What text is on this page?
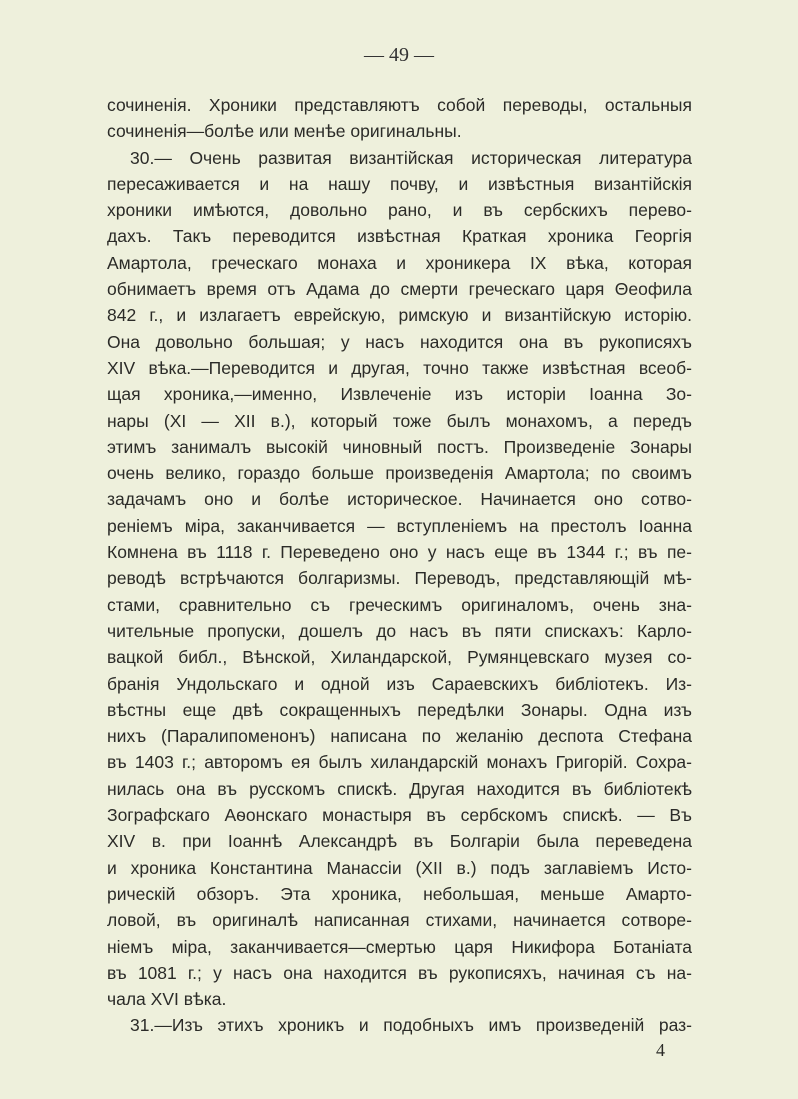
— 49 —
сочиненія. Хроники представляютъ собой переводы, остальныя
сочиненія—болѣе или менѣе оригинальны.
30.— Очень развитая византійская историческая литература
пересаживается и на нашу почву, и извѣстныя византійскія
хроники имѣются, довольно рано, и въ сербскихъ перево-
дахъ. Такъ переводится извѣстная Краткая хроника Георгія
Амартола, греческаго монаха и хроникера IX вѣка, которая
обнимаетъ время отъ Адама до смерти греческаго царя Θеофила
842 г., и излагаетъ еврейскую, римскую и византійскую исторію.
Она довольно большая; у насъ находится она въ рукописяхъ
XIV вѣка.—Переводится и другая, точно также извѣстная всеоб-
щая хроника,—именно, Извлеченіе изъ исторіи Іоанна Зо-
нары (XI — XII в.), который тоже былъ монахомъ, а передъ
этимъ занималъ высокій чиновный постъ. Произведеніе Зонары
очень велико, гораздо больше произведенія Амартола; по своимъ
задачамъ оно и болѣе историческое. Начинается оно сотво-
реніемъ міра, заканчивается — вступленіемъ на престолъ Іоанна
Комнена въ 1118 г. Переведено оно у насъ еще въ 1344 г.; въ пе-
реводѣ встрѣчаются болгаризмы. Переводъ, представляющій мѣ-
стами, сравнительно съ греческимъ оригиналомъ, очень зна-
чительные пропуски, дошелъ до насъ въ пяти спискахъ: Карло-
вацкой библ., Вѣнской, Хиландарской, Румянцевскаго музея со-
бранія Ундольскаго и одной изъ Сараевскихъ библіотекъ. Из-
вѣстны еще двѣ сокращенныхъ передѣлки Зонары. Одна изъ
нихъ (Паралипоменонъ) написана по желанію деспота Стефана
въ 1403 г.; авторомъ ея былъ хиландарскій монахъ Григорій. Сохра-
нилась она въ русскомъ спискѣ. Другая находится въ библіотекѣ
Зографскаго Аѳонскаго монастыря въ сербскомъ спискѣ. — Въ
XIV в. при Іоаннѣ Александрѣ въ Болгаріи была переведена
и хроника Константина Манассіи (XII в.) подъ заглавіемъ Исто-
рическій обзоръ. Эта хроника, небольшая, меньше Амарто-
ловой, въ оригиналѣ написанная стихами, начинается сотворе-
ніемъ міра, заканчивается—смертью царя Никифора Ботаніата
въ 1081 г.; у насъ она находится въ рукописяхъ, начиная съ на-
чала XVI вѣка.
31.—Изъ этихъ хроникъ и подобныхъ имъ произведеній раз-
4
